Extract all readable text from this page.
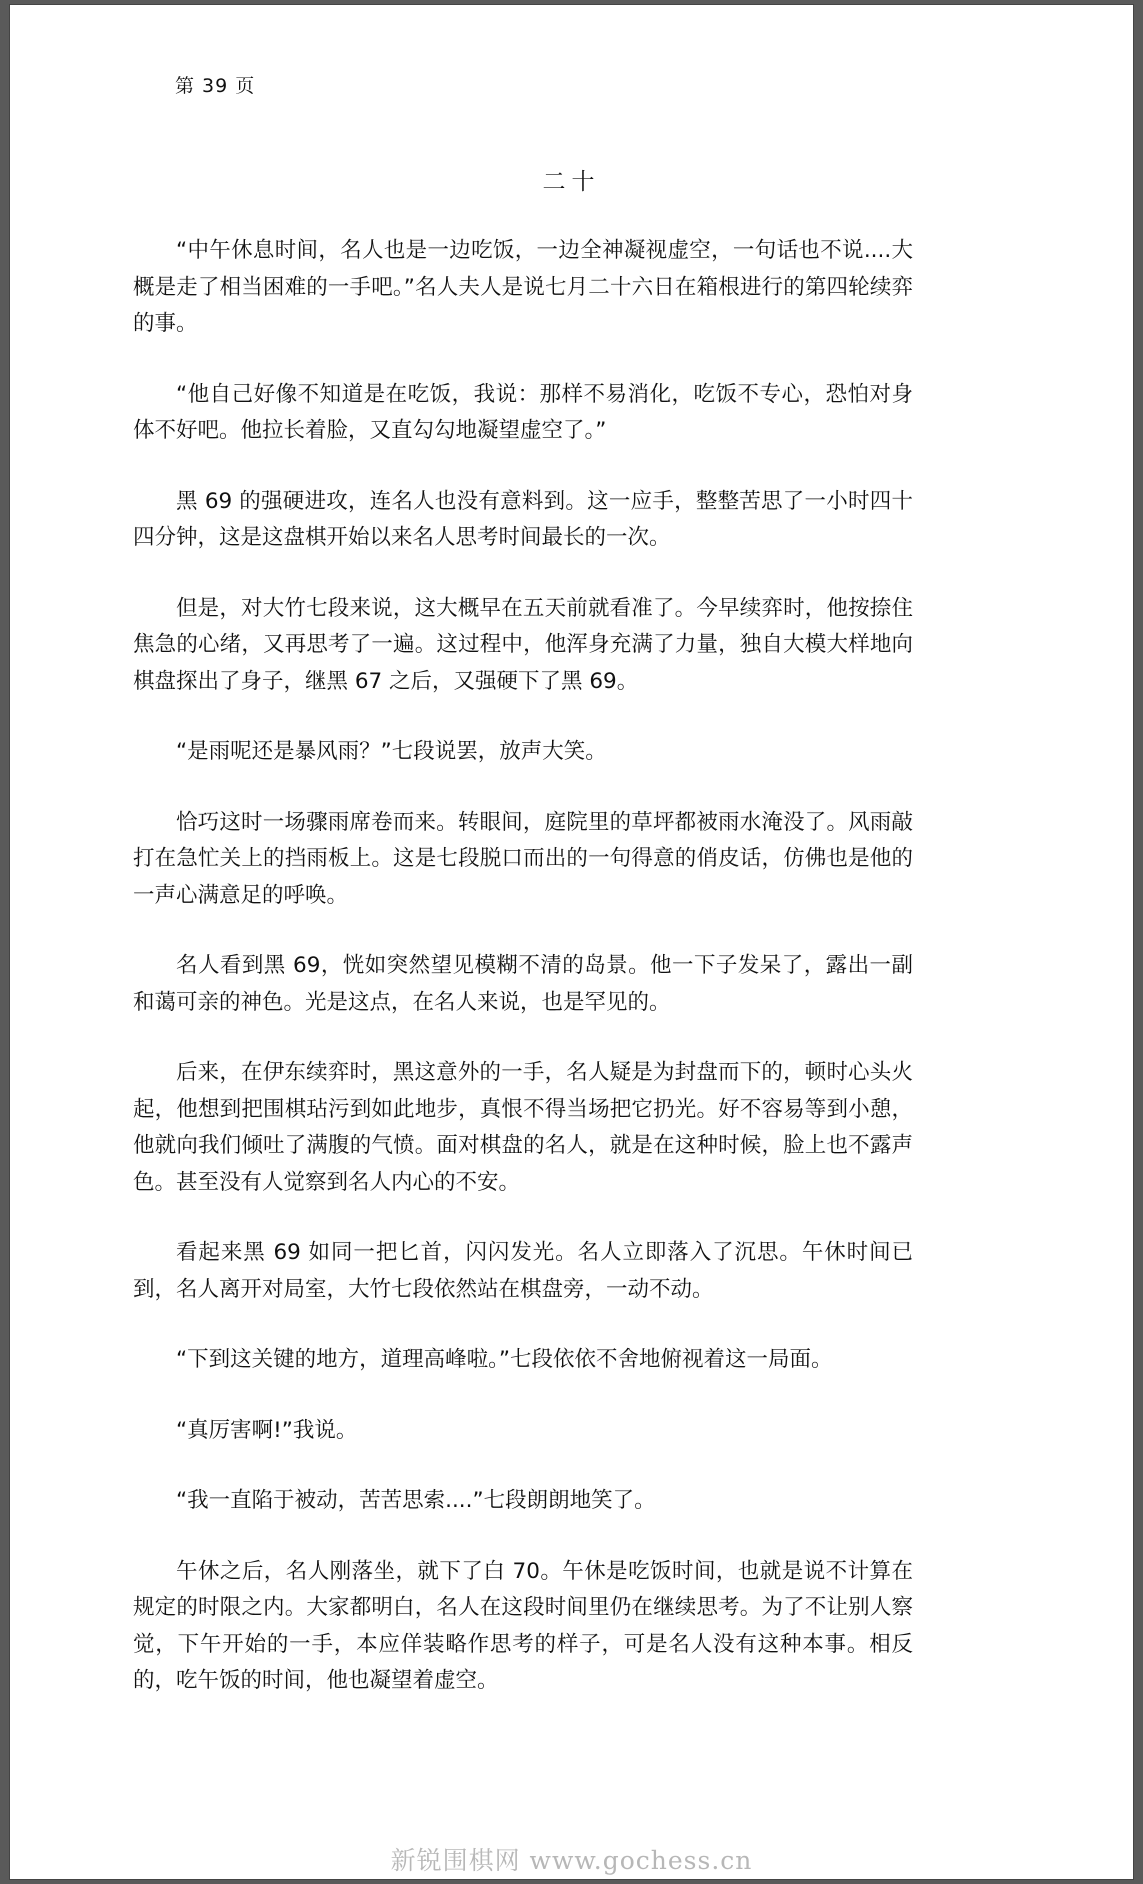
第 39 页
二十

“中午休息时间，名人也是一边吃饭，一边全神凝视虚空，一句话也不说....大概是走了相当困难的一手吧。”名人夫人是说七月二十六日在箱根进行的第四轮续弈的事。

“他自己好像不知道是在吃饭，我说：那样不易消化，吃饭不专心，恐怕对身体不好吧。他拉长着脸，又直勾勾地凝望虚空了。”

黑 69 的强硬进攻，连名人也没有意料到。这一应手，整整苦思了一小时四十四分钟，这是这盘棋开始以来名人思考时间最长的一次。

但是，对大竹七段来说，这大概早在五天前就看准了。今早续弈时，他按捺住焦急的心绪，又再思考了一遍。这过程中，他浑身充满了力量，独自大模大样地向棋盘探出了身子，继黑 67 之后，又强硬下了黑 69。

“是雨呢还是暴风雨？”七段说罢，放声大笑。

恰巧这时一场骤雨席卷而来。转眼间，庭院里的草坪都被雨水淹没了。风雨敲打在急忙关上的挡雨板上。这是七段脱口而出的一句得意的俏皮话，仿佛也是他的一声心满意足的呼唤。

名人看到黑 69，恍如突然望见模糊不清的岛景。他一下子发呆了，露出一副和蔼可亲的神色。光是这点，在名人来说，也是罕见的。

后来，在伊东续弈时，黑这意外的一手，名人疑是为封盘而下的，顿时心头火起，他想到把围棋玷污到如此地步，真恨不得当场把它扔光。好不容易等到小憩，他就向我们倾吐了满腹的气愤。面对棋盘的名人，就是在这种时候，脸上也不露声色。甚至没有人觉察到名人内心的不安。

看起来黑 69 如同一把匕首，闪闪发光。名人立即落入了沉思。午休时间已到，名人离开对局室，大竹七段依然站在棋盘旁，一动不动。

“下到这关键的地方，道理高峰啦。”七段依依不舍地俯视着这一局面。

“真厉害啊!”我说。

“我一直陷于被动，苦苦思索....”七段朗朗地笑了。

午休之后，名人刚落坐，就下了白 70。午休是吃饭时间，也就是说不计算在规定的时限之内。大家都明白，名人在这段时间里仍在继续思考。为了不让别人察觉，下午开始的一手，本应佯装略作思考的样子，可是名人没有这种本事。相反的，吃午饭的时间，他也凝望着虚空。

新锐围棋网 www.gochess.cn
